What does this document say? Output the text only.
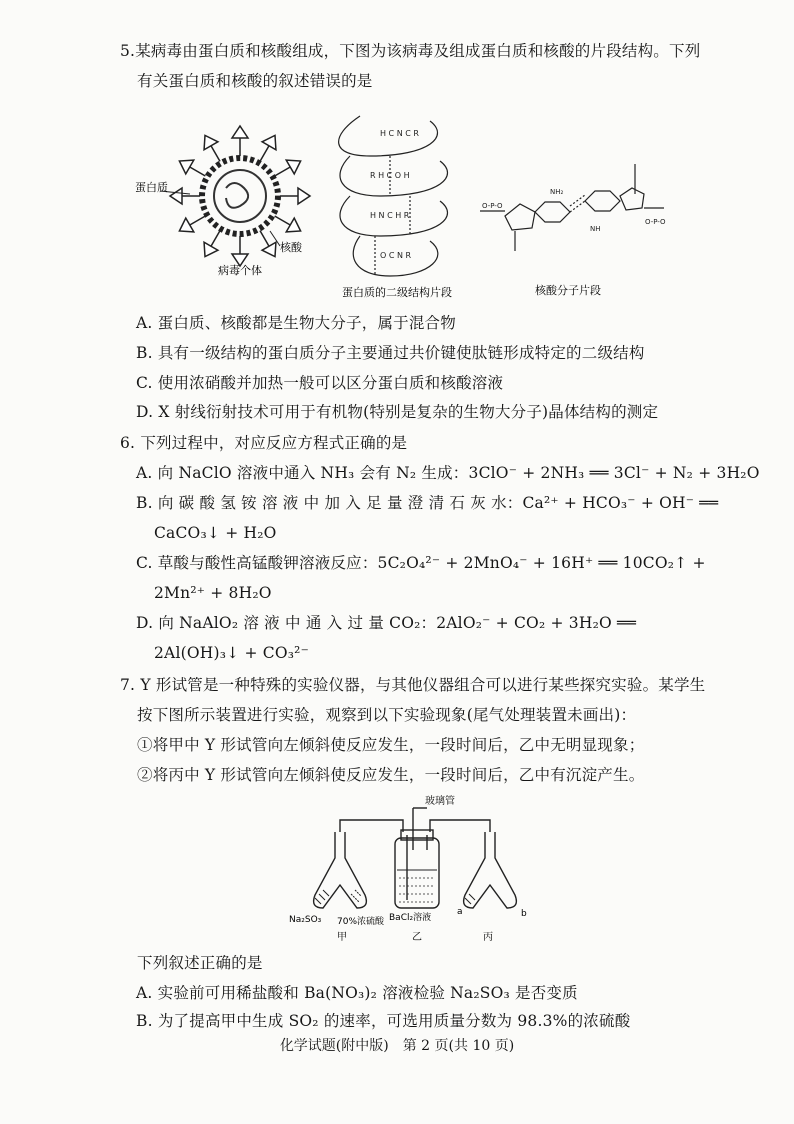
5.某病毒由蛋白质和核酸组成，下图为该病毒及组成蛋白质和核酸的片段结构。下列
有关蛋白质和核酸的叙述错误的是
蛋白质
核酸
病毒个体
H C N C R
R H C O H
H N C H R
O C N R
蛋白质的二级结构片段
O-P-O
O-P-O
NH₂
NH
核酸分子片段
A. 蛋白质、核酸都是生物大分子，属于混合物
B. 具有一级结构的蛋白质分子主要通过共价键使肽链形成特定的二级结构
C. 使用浓硝酸并加热一般可以区分蛋白质和核酸溶液
D. X 射线衍射技术可用于有机物(特别是复杂的生物大分子)晶体结构的测定
6. 下列过程中，对应反应方程式正确的是
A. 向 NaClO 溶液中通入 NH₃ 会有 N₂ 生成：3ClO⁻ + 2NH₃ ══ 3Cl⁻ + N₂ + 3H₂O
B. 向 碳 酸 氢 铵 溶 液 中 加 入 足 量 澄 清 石 灰 水：Ca²⁺ + HCO₃⁻ + OH⁻ ══
CaCO₃↓ + H₂O
C. 草酸与酸性高锰酸钾溶液反应：5C₂O₄²⁻ + 2MnO₄⁻ + 16H⁺ ══ 10CO₂↑ +
2Mn²⁺ + 8H₂O
D. 向 NaAlO₂ 溶 液 中 通 入 过 量 CO₂：2AlO₂⁻ + CO₂ + 3H₂O ══
2Al(OH)₃↓ + CO₃²⁻
7. Y 形试管是一种特殊的实验仪器，与其他仪器组合可以进行某些探究实验。某学生
按下图所示装置进行实验，观察到以下实验现象(尾气处理装置未画出)：
①将甲中 Y 形试管向左倾斜使反应发生，一段时间后，乙中无明显现象；
②将丙中 Y 形试管向左倾斜使反应发生，一段时间后，乙中有沉淀产生。
玻璃管
Na₂SO₃ 70%浓硫酸 BaCl₂溶液
a	b
甲	乙	丙
下列叙述正确的是
A. 实验前可用稀盐酸和 Ba(NO₃)₂ 溶液检验 Na₂SO₃ 是否变质
B. 为了提高甲中生成 SO₂ 的速率，可选用质量分数为 98.3%的浓硫酸
化学试题(附中版)　第 2 页(共 10 页)
